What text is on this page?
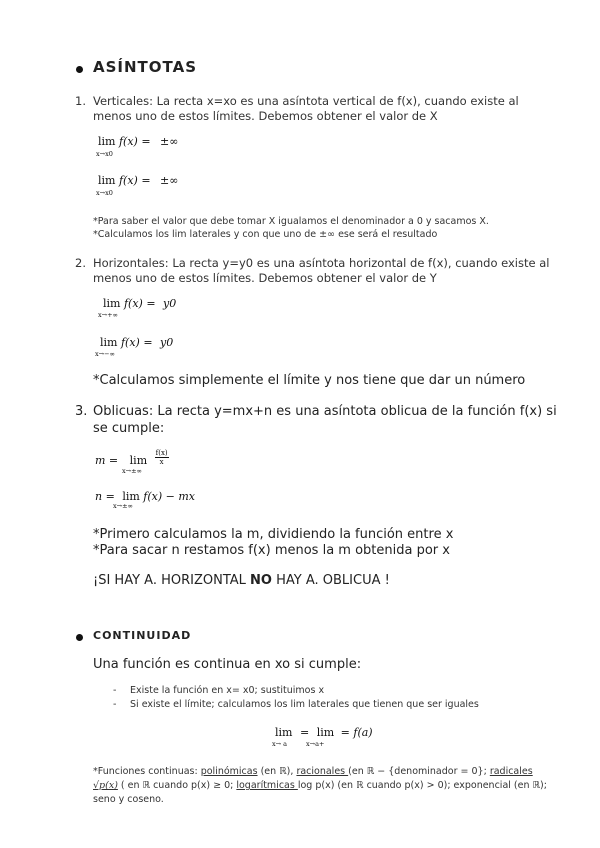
ASÍNTOTAS
1. Verticales: La recta x=xo es una asíntota vertical de f(x), cuando existe al
menos uno de estos límites. Debemos obtener el valor de X
lim f(x) = ±∞
x→x0
lim f(x) = ±∞
x→x0
*Para saber el valor que debe tomar X igualamos el denominador a 0 y sacamos X.
*Calculamos los lim laterales y con que uno de ±∞ ese será el resultado
2. Horizontales: La recta y=y0 es una asíntota horizontal de f(x), cuando existe al
menos uno de estos límites. Debemos obtener el valor de Y
lim f(x) = y0
x→+∞
lim f(x) = y0
x→−∞
*Calculamos simplemente el límite y nos tiene que dar un número
3. Oblicuas: La recta y=mx+n es una asíntota oblicua de la función f(x) si
se cumple:
$m = \lim \frac{f(x)}{x}$
x→±∞
n = lim f(x) − mx
x→±∞
*Primero calculamos la m, dividiendo la función entre x
*Para sacar n restamos f(x) menos la m obtenida por x
¡SI HAY A. HORIZONTAL NO HAY A. OBLICUA !
CONTINUIDAD
Una función es continua en xo si cumple:
- Existe la función en x= x0; sustituimos x
- Si existe el límite; calculamos los lim laterales que tienen que ser iguales
lim = lim = f(a)
x→ a	x→a+
*Funciones continuas: polinómicas (en ℝ), racionales (en ℝ − {denominador = 0}; radicales
√p(x) ( en ℝ cuando p(x) ≥ 0; logarítmicas log p(x) (en ℝ cuando p(x) > 0); exponencial (en ℝ);
seno y coseno.
